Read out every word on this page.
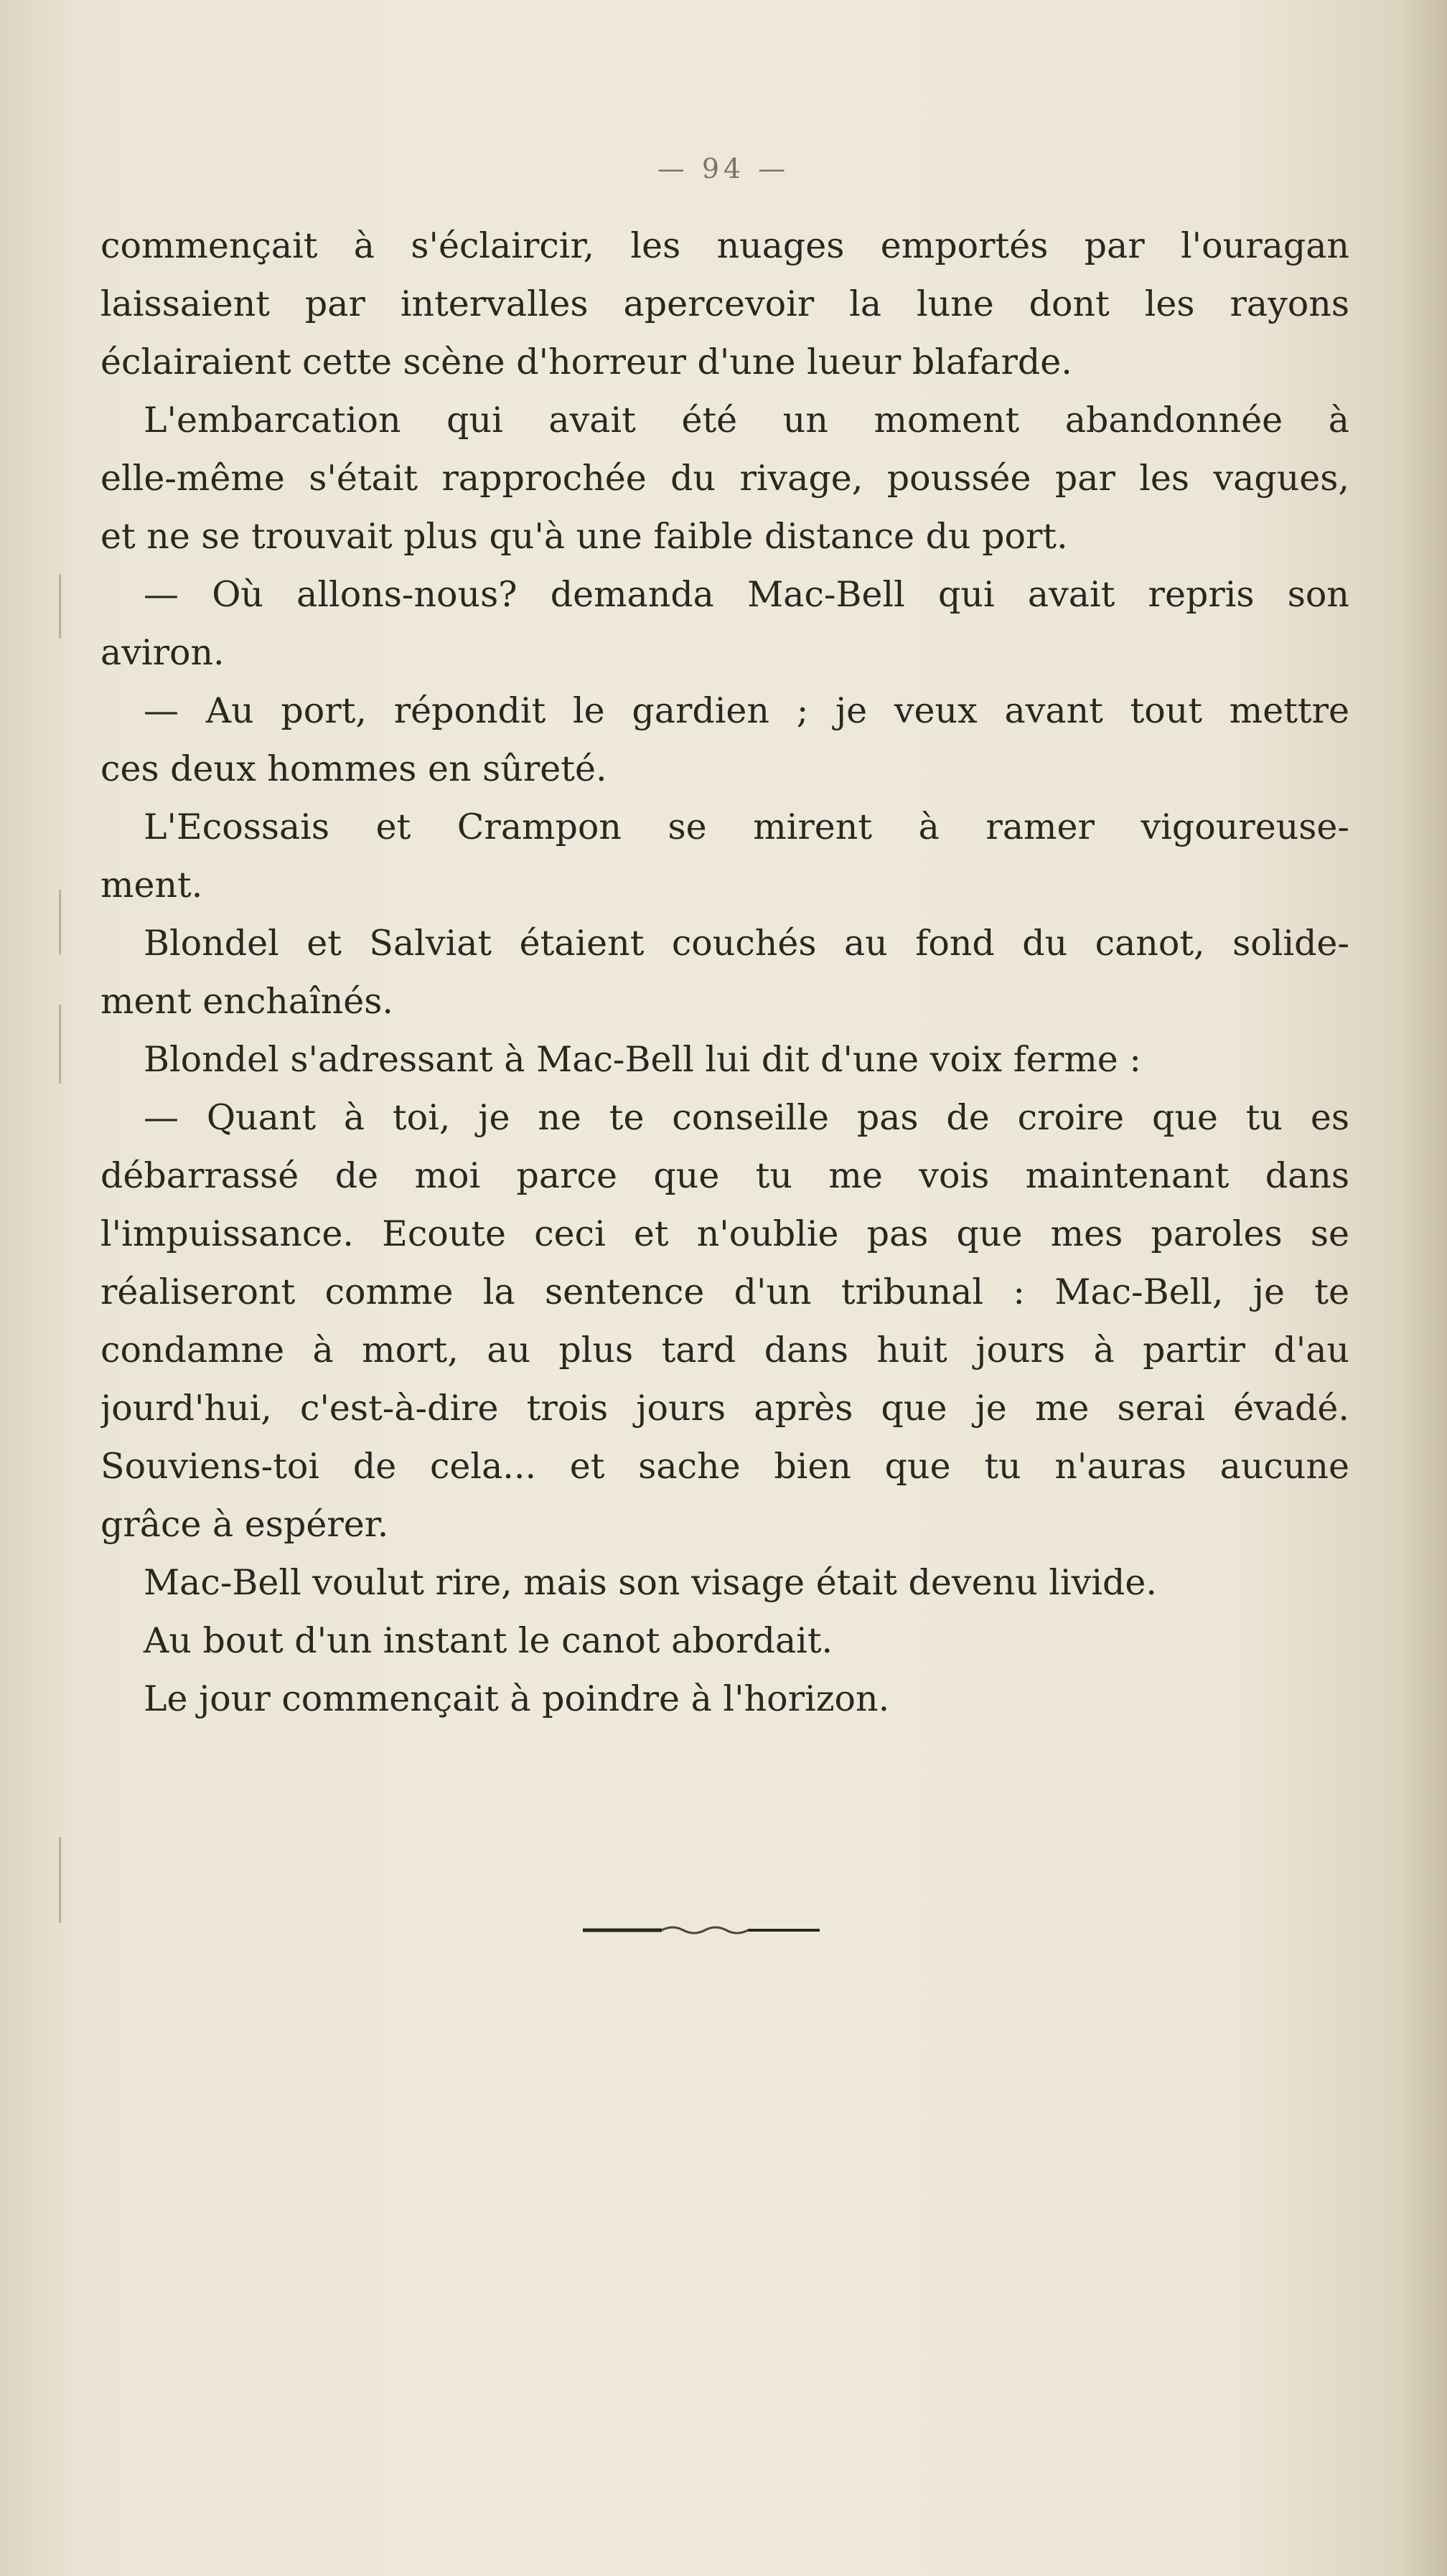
— 94 —
commençait à s'éclaircir, les nuages emportés par l'ouragan
laissaient par intervalles apercevoir la lune dont les rayons
éclairaient cette scène d'horreur d'une lueur blafarde.
L'embarcation qui avait été un moment abandonnée à
elle-même s'était rapprochée du rivage, poussée par les vagues,
et ne se trouvait plus qu'à une faible distance du port.
— Où allons-nous? demanda Mac-Bell qui avait repris son
aviron.
— Au port, répondit le gardien ; je veux avant tout mettre
ces deux hommes en sûreté.
L'Ecossais et Crampon se mirent à ramer vigoureuse-
ment.
Blondel et Salviat étaient couchés au fond du canot, solide-
ment enchaînés.
Blondel s'adressant à Mac-Bell lui dit d'une voix ferme :
— Quant à toi, je ne te conseille pas de croire que tu es
débarrassé de moi parce que tu me vois maintenant dans
l'impuissance. Ecoute ceci et n'oublie pas que mes paroles se
réaliseront comme la sentence d'un tribunal : Mac-Bell, je te
condamne à mort, au plus tard dans huit jours à partir d'au
jourd'hui, c'est-à-dire trois jours après que je me serai évadé.
Souviens-toi de cela... et sache bien que tu n'auras aucune
grâce à espérer.
Mac-Bell voulut rire, mais son visage était devenu livide.
Au bout d'un instant le canot abordait.
Le jour commençait à poindre à l'horizon.
